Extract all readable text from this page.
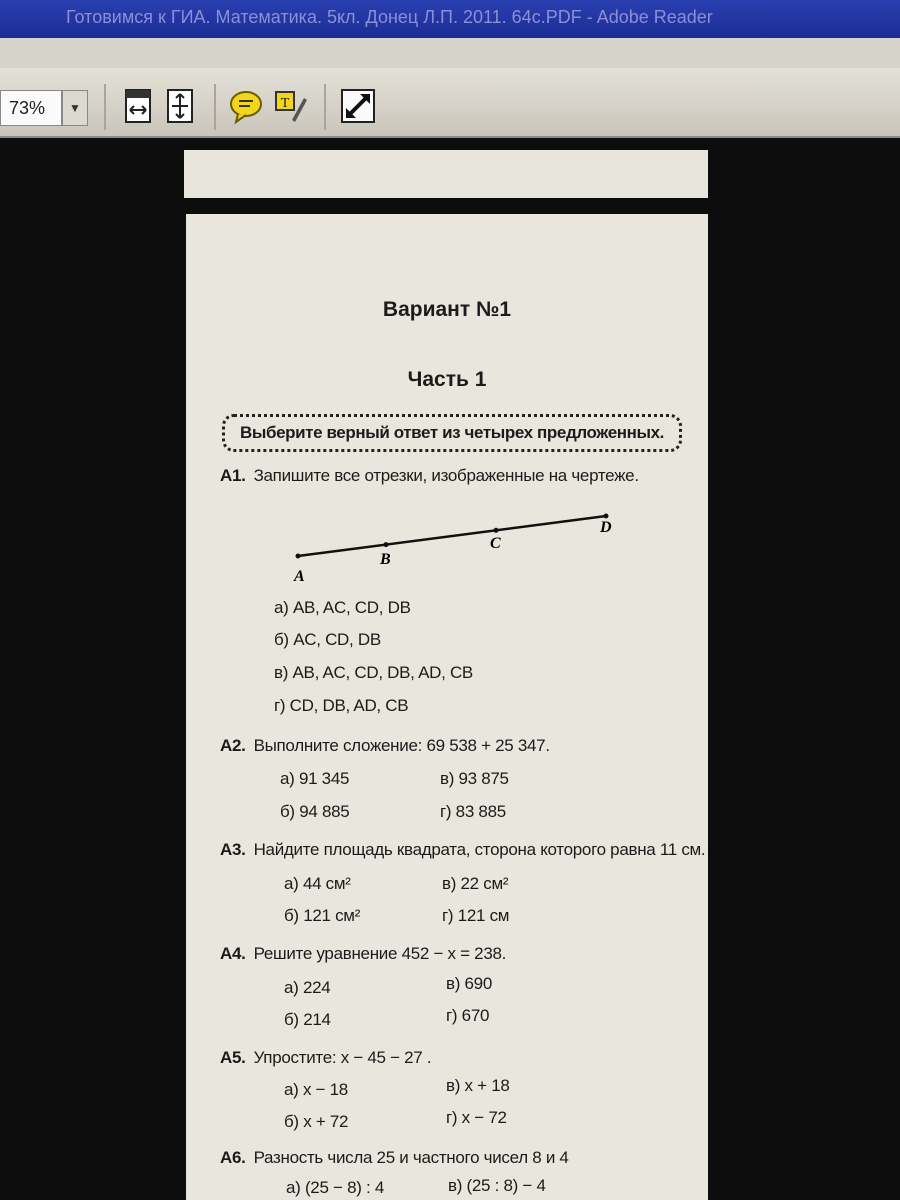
Готовимся к ГИА. Математика. 5кл. Донец Л.П. 2011. 64с.PDF - Adobe Reader
73%	▼	T
Вариант №1
Часть 1
Выберите верный ответ из четырех предложенных.
А1. Запишите все отрезки, изображенные на чертеже.
A
B
C
D
а) AB, AC, CD, DB
б) AC, CD, DB
в) AB, AC, CD, DB, AD, CB
г) CD, DB, AD, CB
А2. Выполните сложение: 69 538 + 25 347.
а) 91 345	в) 93 875
б) 94 885	г) 83 885
А3. Найдите площадь квадрата, сторона которого равна 11 см.
а) 44 см²	в) 22 см²
б) 121 см²	г) 121 см
А4. Решите уравнение 452 − x = 238.
а) 224	в) 690
б) 214	г) 670
А5. Упростите: x − 45 − 27 .
а) x − 18	в) x + 18
б) x + 72	г) x − 72
А6. Разность числа 25 и частного чисел 8 и 4
а) (25 − 8) : 4	в) (25 : 8) − 4
